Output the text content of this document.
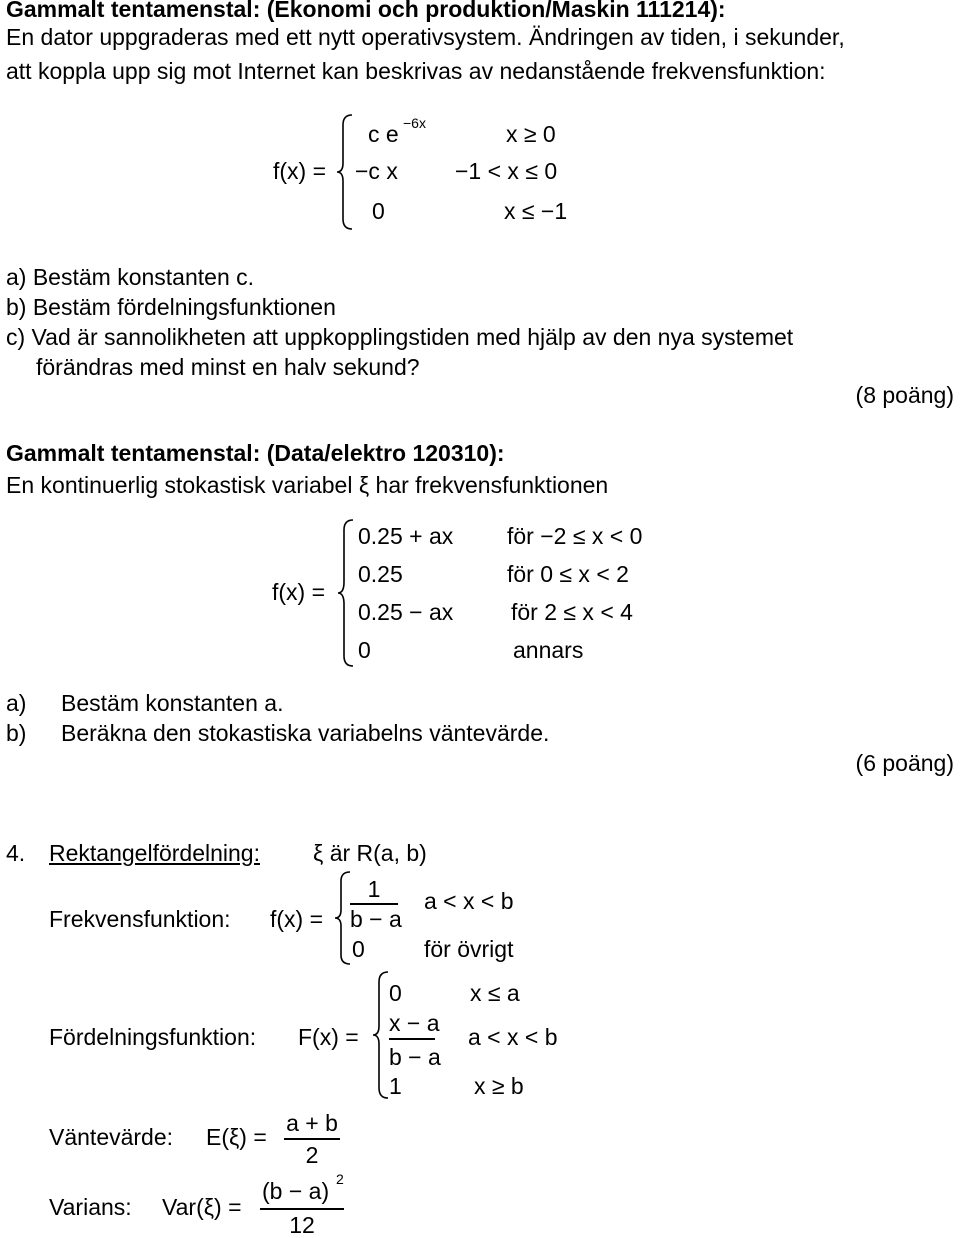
Gammalt tentamenstal: (Ekonomi och produktion/Maskin 111214):
En dator uppgraderas med ett nytt operativsystem. Ändringen av tiden, i sekunder,
att koppla upp sig mot Internet kan beskrivas av nedanstående frekvensfunktion:
f(x) =
c e −6x	x ≥ 0
−c x −1 < x ≤ 0
0	x ≤ −1
a) Bestäm konstanten c.
b) Bestäm fördelningsfunktionen
c) Vad är sannolikheten att uppkopplingstiden med hjälp av den nya systemet
förändras med minst en halv sekund?
(8 poäng)
Gammalt tentamenstal: (Data/elektro 120310):
En kontinuerlig stokastisk variabel ξ har frekvensfunktionen
f(x) =
0.25 + ax för −2 ≤ x < 0
0.25	för 0 ≤ x < 2
0.25 − ax	för 2 ≤ x < 4
0	annars
a) Bestäm konstanten a.
b) Beräkna den stokastiska variabelns väntevärde.
(6 poäng)
4. Rektangelfördelning: ξ är R(a, b)
Frekvensfunktion: f(x) =
1
b − a
a < x < b
0	för övrigt
Fördelningsfunktion: F(x) =
0	x ≤ a
x − a
b − a
a < x < b
1	x ≥ b
Väntevärde: E(ξ) =
a + b
2
Varians: Var(ξ) =
(b − a) 2
12
